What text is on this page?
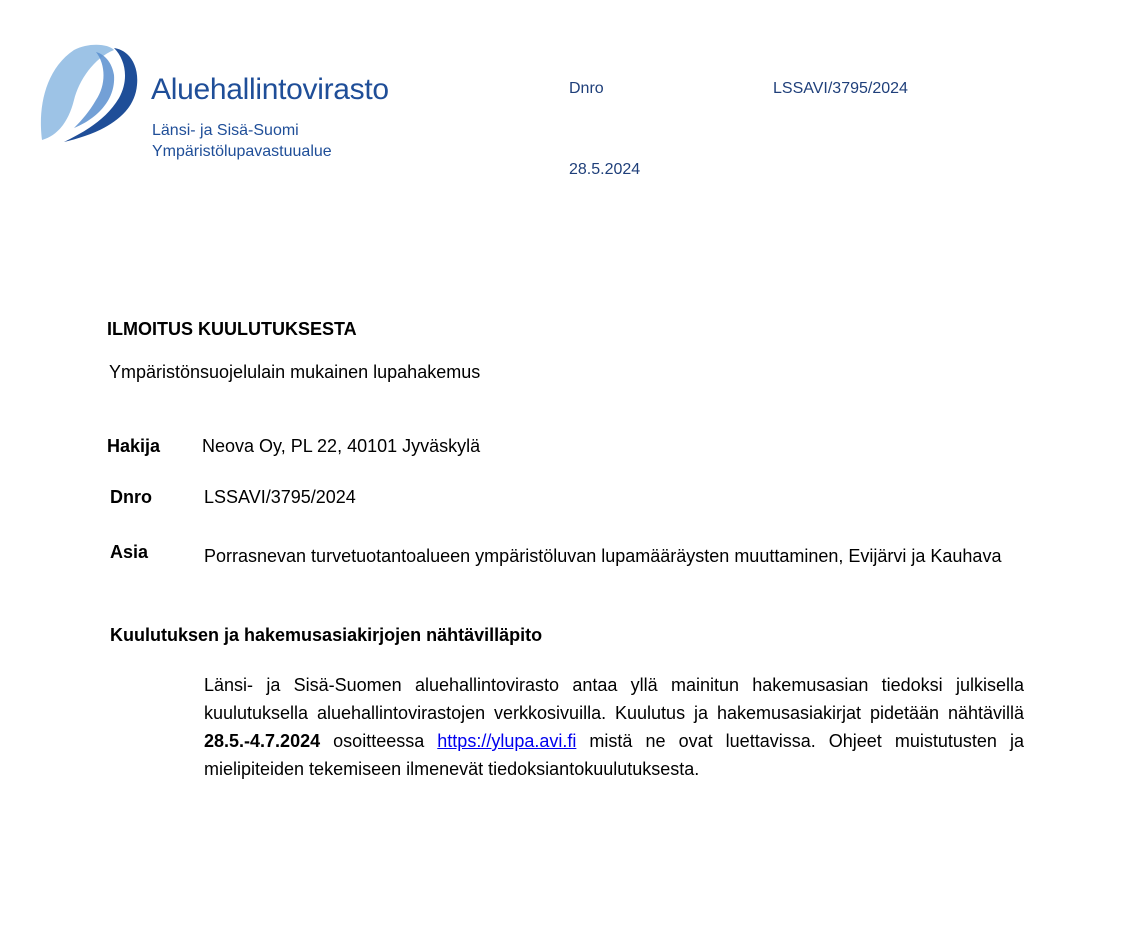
Aluehallintovirasto
Länsi- ja Sisä-Suomi
Ympäristölupavastuualue
Dnro	LSSAVI/3795/2024
28.5.2024
ILMOITUS KUULUTUKSESTA
Ympäristönsuojelulain mukainen lupahakemus
Hakija Neova Oy, PL 22, 40101 Jyväskylä
Dnro	LSSAVI/3795/2024
Asia	Porrasnevan turvetuotantoalueen ympäristöluvan lupamääräysten muuttaminen, Evijärvi ja Kauhava
Kuulutuksen ja hakemusasiakirjojen nähtävilläpito
Länsi- ja Sisä-Suomen aluehallintovirasto antaa yllä mainitun hakemusasian tiedoksi julkisella kuulutuksella aluehallintovirastojen verkkosivuilla. Kuulutus ja hakemusasiakirjat pidetään nähtävillä 28.5.-4.7.2024 osoitteessa https://ylupa.avi.fi mistä ne ovat luettavissa. Ohjeet muistutusten ja mielipiteiden tekemiseen ilmenevät tiedoksiantokuulutuksesta.
